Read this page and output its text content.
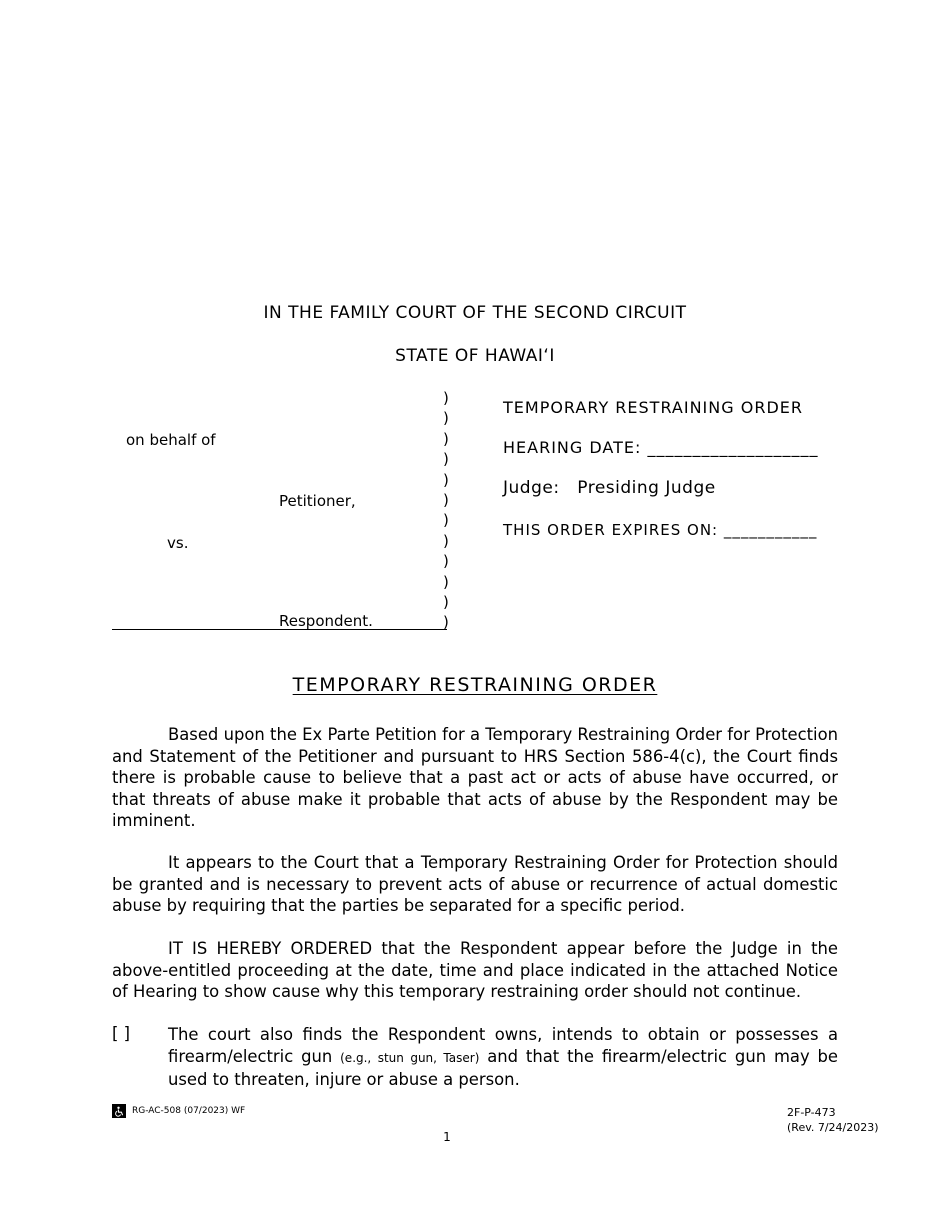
IN THE FAMILY COURT OF THE SECOND CIRCUIT
STATE OF HAWAIʻI
on behalf of
Petitioner,
vs.
Respondent.
)
)
)
)
)
)
)
)
)
)
)
)
TEMPORARY RESTRAINING ORDER
HEARING DATE: ___________________
Judge: Presiding Judge
THIS ORDER EXPIRES ON: ___________
TEMPORARY RESTRAINING ORDER

Based upon the Ex Parte Petition for a Temporary Restraining Order for Protection and Statement of the Petitioner and pursuant to HRS Section 586-4(c), the Court finds there is probable cause to believe that a past act or acts of abuse have occurred, or that threats of abuse make it probable that acts of abuse by the Respondent may be imminent.

It appears to the Court that a Temporary Restraining Order for Protection should be granted and is necessary to prevent acts of abuse or recurrence of actual domestic abuse by requiring that the parties be separated for a specific period.

IT IS HEREBY ORDERED that the Respondent appear before the Judge in the above-entitled proceeding at the date, time and place indicated in the attached Notice of Hearing to show cause why this temporary restraining order should not continue.

[ ] The court also finds the Respondent owns, intends to obtain or possesses a firearm/electric gun (e.g., stun gun, Taser) and that the firearm/electric gun may be used to threaten, injure or abuse a person.
RG-AC-508 (07/2023) WF	2F-P-473
(Rev. 7/24/2023)
1
